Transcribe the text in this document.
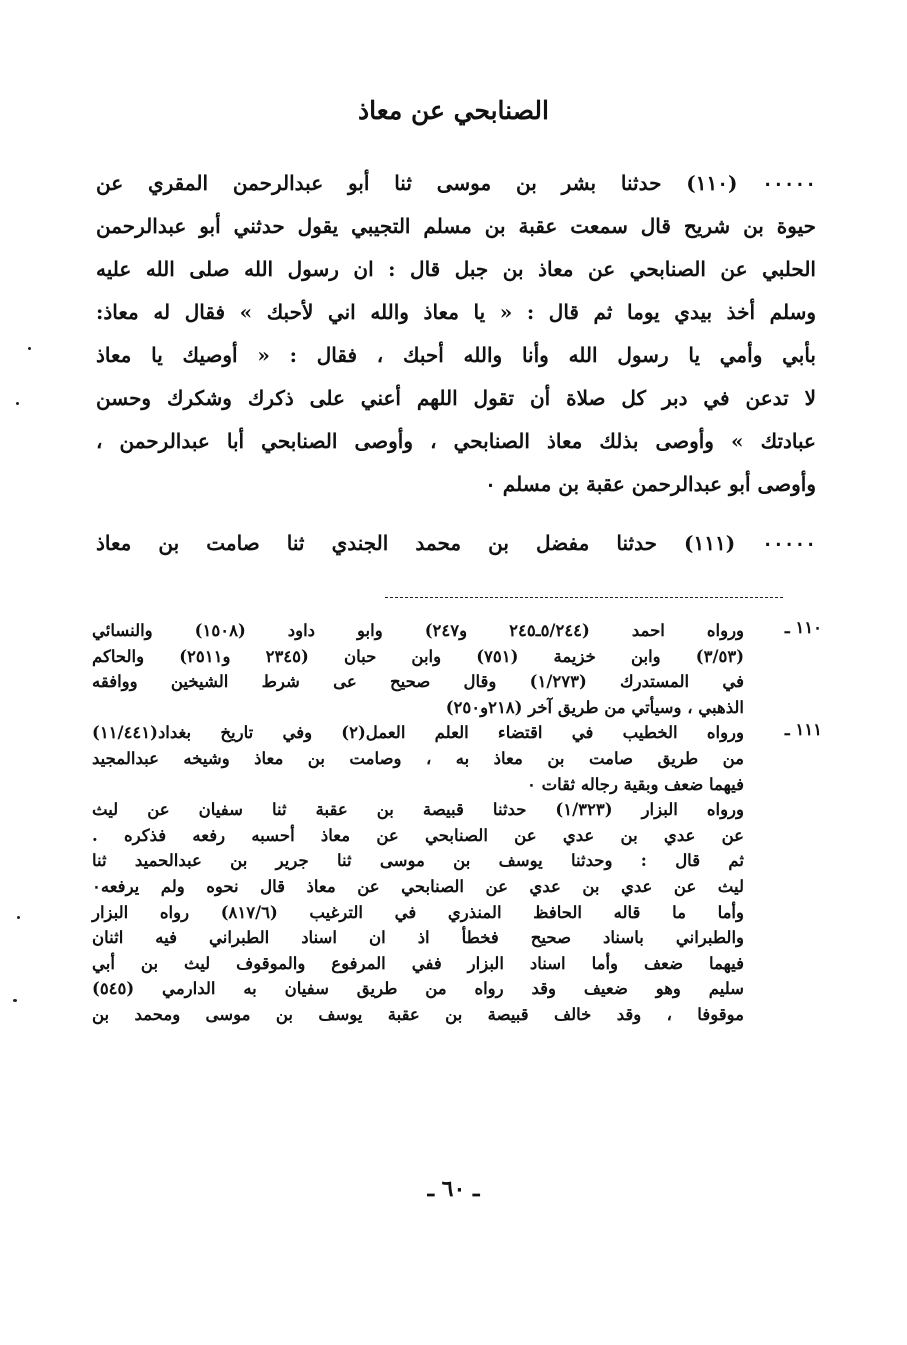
الصنابحي عن معاذ
٠٠٠٠٠ (١١٠) حدثنا بشر بن موسى ثنا أبو عبدالرحمن المقري عن
حيوة بن شريح قال سمعت عقبة بن مسلم التجيبي يقول حدثني أبو عبدالرحمن
الحلبي عن الصنابحي عن معاذ بن جبل قال : ان رسول الله صلى الله عليه
وسلم أخذ بيدي يوما ثم قال : « يا معاذ والله اني لأحبك » فقال له معاذ:
بأبي وأمي يا رسول الله وأنا والله أحبك ، فقال : « أوصيك يا معاذ
لا تدعن في دبر كل صلاة أن تقول اللهم أعني على ذكرك وشكرك وحسن
عبادتك » وأوصى بذلك معاذ الصنابحي ، وأوصى الصنابحي أبا عبدالرحمن ،
وأوصى أبو عبدالرحمن عقبة بن مسلم ٠
٠٠٠٠٠ (١١١) حدثنا مفضل بن محمد الجندي ثنا صامت بن معاذ
١١٠ ـ
ورواه احمد (٥/٢٤٤ـ٢٤٥ و٢٤٧) وابو داود (١٥٠٨) والنسائي
(٣/٥٣) وابن خزيمة (٧٥١) وابن حبان (٢٣٤٥ و٢٥١١) والحاكم
في المستدرك (١/٢٧٣) وقال صحيح عى شرط الشيخين ووافقه
الذهبي ، وسيأتي من طريق آخر (٢١٨و٢٥٠)
١١١ ـ
ورواه الخطيب في اقتضاء العلم العمل(٢) وفي تاريخ بغداد(١١/٤٤١)
من طريق صامت بن معاذ به ، وصامت بن معاذ وشيخه عبدالمجيد
فيهما ضعف وبقية رجاله ثقات ٠
ورواه البزار (١/٣٢٣) حدثنا قبيصة بن عقبة ثنا سفيان عن ليث
عن عدي بن عدي عن الصنابحي عن معاذ أحسبه رفعه فذكره .
ثم قال : وحدثنا يوسف بن موسى ثنا جرير بن عبدالحميد ثنا
ليث عن عدي بن عدي عن الصنابحي عن معاذ قال نحوه ولم يرفعه٠
وأما ما قاله الحافظ المنذري في الترغيب (٨١٧/٦) رواه البزار
والطبراني باسناد صحيح فخطأ اذ ان اسناد الطبراني فيه اثنان
فيهما ضعف وأما اسناد البزار ففي المرفوع والموقوف ليث بن أبي
سليم وهو ضعيف وقد رواه من طريق سفيان به الدارمي (٥٤٥)
موقوفا ، وقد خالف قبيصة بن عقبة يوسف بن موسى ومحمد بن
ـ ٦٠ ـ
